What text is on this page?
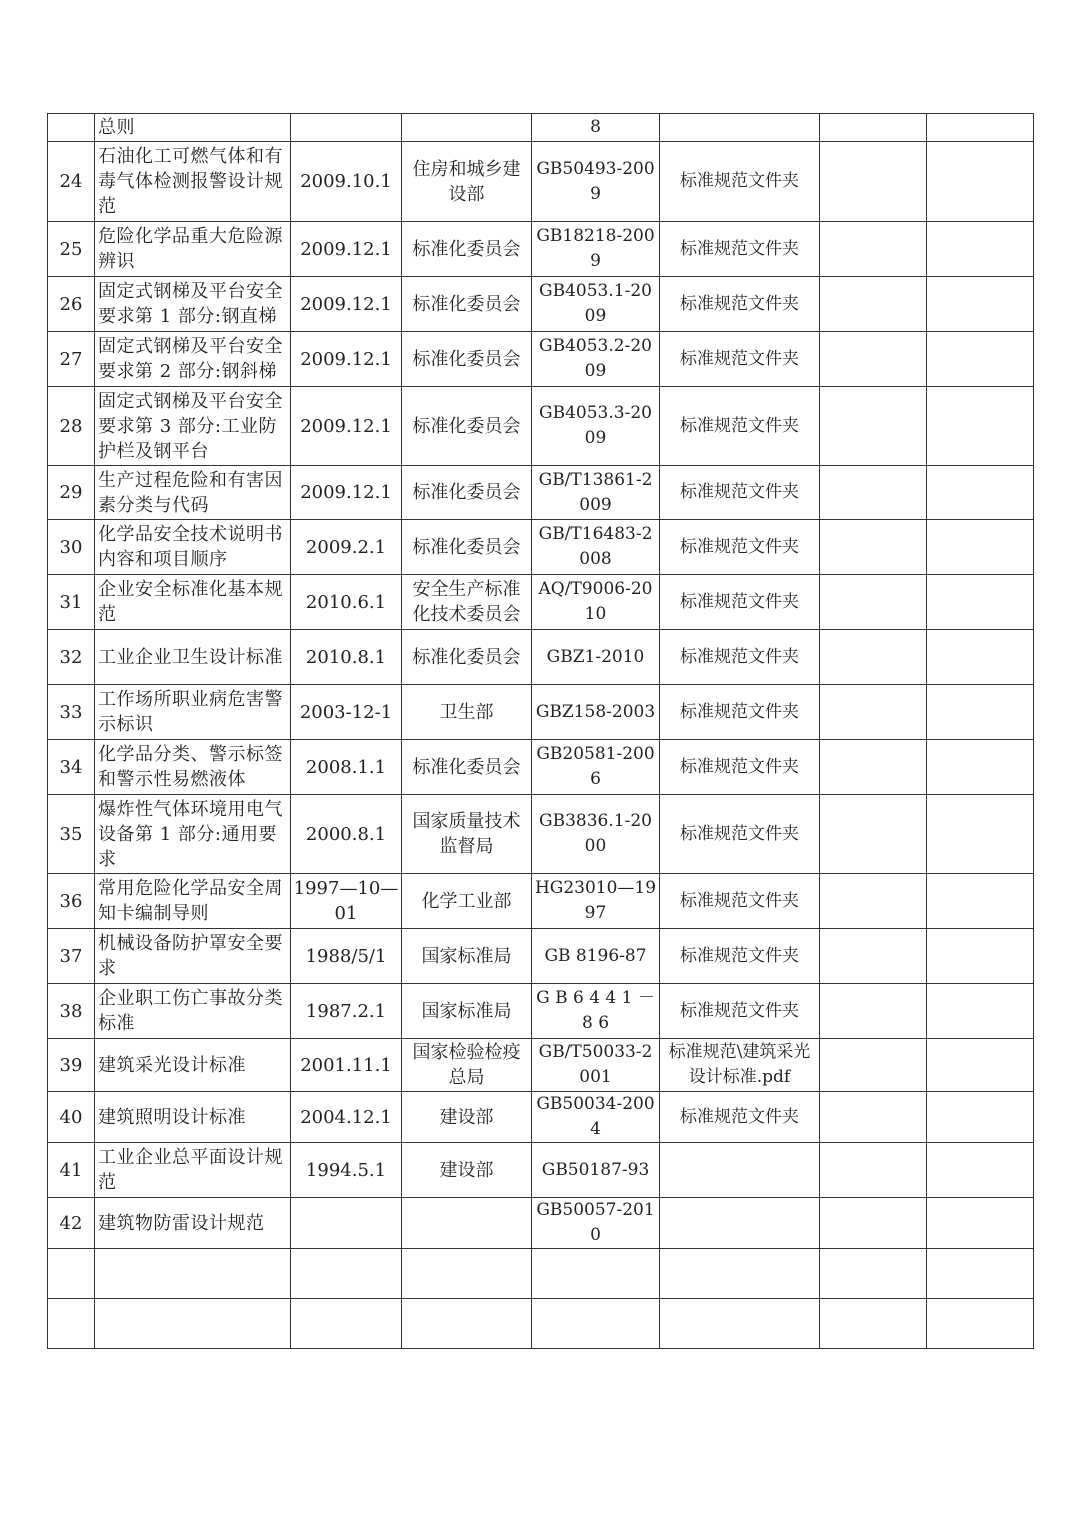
	总则			8			
24	石油化工可燃气体和有毒气体检测报警设计规范	2009.10.1	住房和城乡建设部	GB50493-2009	标准规范文件夹		
25	危险化学品重大危险源辨识	2009.12.1	标准化委员会	GB18218-2009	标准规范文件夹		
26	固定式钢梯及平台安全要求第 1 部分:钢直梯	2009.12.1	标准化委员会	GB4053.1-2009	标准规范文件夹		
27	固定式钢梯及平台安全要求第 2 部分:钢斜梯	2009.12.1	标准化委员会	GB4053.2-2009	标准规范文件夹		
28	固定式钢梯及平台安全要求第 3 部分:工业防护栏及钢平台	2009.12.1	标准化委员会	GB4053.3-2009	标准规范文件夹		
29	生产过程危险和有害因素分类与代码	2009.12.1	标准化委员会	GB/T13861-2009	标准规范文件夹		
30	化学品安全技术说明书内容和项目顺序	2009.2.1	标准化委员会	GB/T16483-2008	标准规范文件夹		
31	企业安全标准化基本规范	2010.6.1	安全生产标准化技术委员会	AQ/T9006-2010	标准规范文件夹		
32	工业企业卫生设计标准	2010.8.1	标准化委员会	GBZ1-2010	标准规范文件夹		
33	工作场所职业病危害警示标识	2003-12-1	卫生部	GBZ158-2003	标准规范文件夹		
34	化学品分类、警示标签和警示性易燃液体	2008.1.1	标准化委员会	GB20581-2006	标准规范文件夹		
35	爆炸性气体环境用电气设备第 1 部分:通用要求	2000.8.1	国家质量技术监督局	GB3836.1-2000	标准规范文件夹		
36	常用危险化学品安全周知卡编制导则	1997—10—01	化学工业部	HG23010—1997	标准规范文件夹		
37	机械设备防护罩安全要求	1988/5/1	国家标准局	GB 8196-87	标准规范文件夹		
38	企业职工伤亡事故分类标准	1987.2.1	国家标准局	G B 6 4 4 1 － 8 6	标准规范文件夹		
39	建筑采光设计标准	2001.11.1	国家检验检疫总局	GB/T50033-2001	标准规范\建筑采光设计标准.pdf		
40	建筑照明设计标准	2004.12.1	建设部	GB50034-2004	标准规范文件夹		
41	工业企业总平面设计规范	1994.5.1	建设部	GB50187-93			
42	建筑物防雷设计规范			GB50057-2010			
